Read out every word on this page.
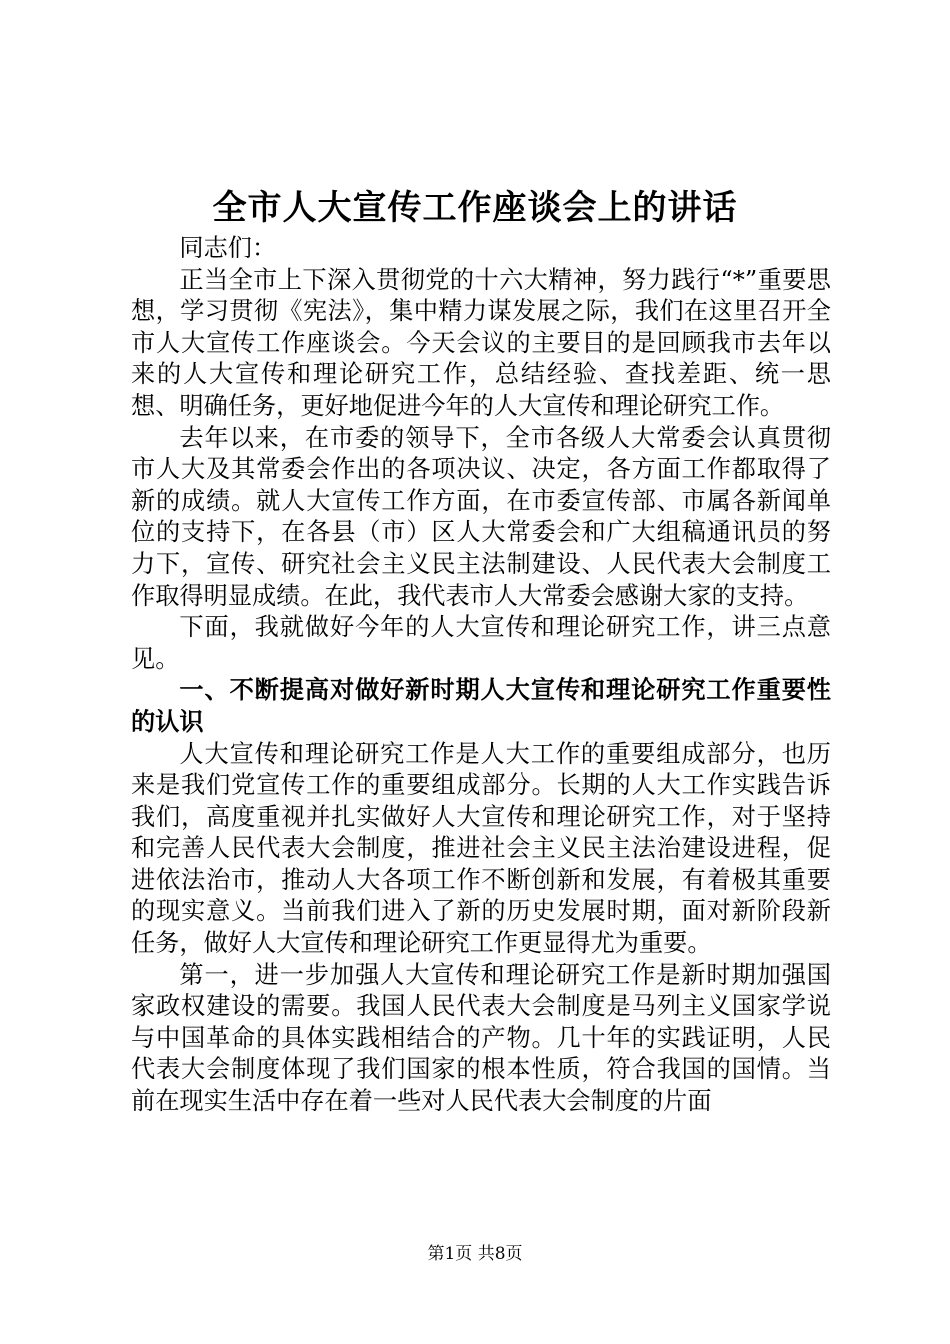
全市人大宣传工作座谈会上的讲话

同志们：

正当全市上下深入贯彻党的十六大精神，努力践行“*”重要思想，学习贯彻《宪法》，集中精力谋发展之际，我们在这里召开全市人大宣传工作座谈会。今天会议的主要目的是回顾我市去年以来的人大宣传和理论研究工作，总结经验、查找差距、统一思想、明确任务，更好地促进今年的人大宣传和理论研究工作。

去年以来，在市委的领导下，全市各级人大常委会认真贯彻市人大及其常委会作出的各项决议、决定，各方面工作都取得了新的成绩。就人大宣传工作方面，在市委宣传部、市属各新闻单位的支持下，在各县（市）区人大常委会和广大组稿通讯员的努力下，宣传、研究社会主义民主法制建设、人民代表大会制度工作取得明显成绩。在此，我代表市人大常委会感谢大家的支持。

下面，我就做好今年的人大宣传和理论研究工作，讲三点意见。

一、不断提高对做好新时期人大宣传和理论研究工作重要性的认识

人大宣传和理论研究工作是人大工作的重要组成部分，也历来是我们党宣传工作的重要组成部分。长期的人大工作实践告诉我们，高度重视并扎实做好人大宣传和理论研究工作，对于坚持和完善人民代表大会制度，推进社会主义民主法治建设进程，促进依法治市，推动人大各项工作不断创新和发展，有着极其重要的现实意义。当前我们进入了新的历史发展时期，面对新阶段新任务，做好人大宣传和理论研究工作更显得尤为重要。

第一，进一步加强人大宣传和理论研究工作是新时期加强国家政权建设的需要。我国人民代表大会制度是马列主义国家学说与中国革命的具体实践相结合的产物。几十年的实践证明，人民代表大会制度体现了我们国家的根本性质，符合我国的国情。当前在现实生活中存在着一些对人民代表大会制度的片面

第1页 共8页
